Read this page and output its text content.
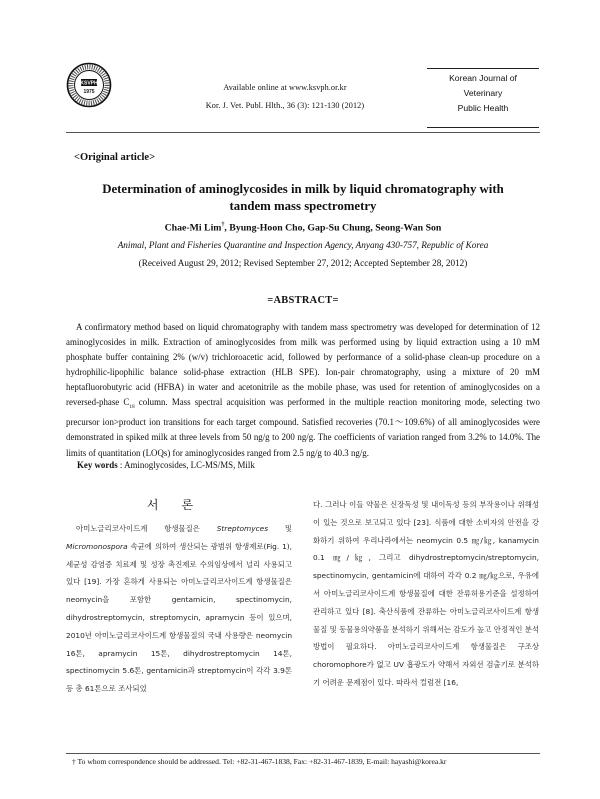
KSVPH
1975	Available online at www.ksvph.or.kr
Kor. J. Vet. Publ. Hlth., 36 (3): 121-130 (2012)
Korean Journal of
Veterinary
Public Health
<Original article>
Determination of aminoglycosides in milk by liquid chromatography with
tandem mass spectrometry
Chae-Mi Lim†, Byung-Hoon Cho, Gap-Su Chung, Seong-Wan Son
Animal, Plant and Fisheries Quarantine and Inspection Agency, Anyang 430-757, Republic of Korea
(Received August 29, 2012; Revised September 27, 2012; Accepted September 28, 2012)
=ABSTRACT=
A confirmatory method based on liquid chromatography with tandem mass spectrometry was developed for determination of 12 aminoglycosides in milk. Extraction of aminoglycosides from milk was performed using by liquid extraction using a 10 mM phosphate buffer containing 2% (w/v) trichloroacetic acid, followed by performance of a solid-phase clean-up procedure on a hydrophilic-lipophilic balance solid-phase extraction (HLB SPE). Ion-pair chromatography, using a mixture of 20 mM heptafluorobutyric acid (HFBA) in water and acetonitrile as the mobile phase, was used for retention of aminoglycosides on a reversed-phase $C_{18}$ column. Mass spectral acquisition was performed in the multiple reaction monitoring mode, selecting two precursor ion>product ion transitions for each target compound. Satisfied recoveries (70.1～109.6%) of all aminoglycosides were demonstrated in spiked milk at three levels from 50 ng/g to 200 ng/g. The coefficients of variation ranged from 3.2% to 14.0%. The limits of quantitation (LOQs) for aminoglycosides ranged from 2.5 ng/g to 40.3 ng/g.
Key words : Aminoglycosides, LC-MS/MS, Milk
서 론

아미노글리코사이드계 항생물질은 Streptomyces 및 Micromonospora 속균에 의하여 생산되는 광범위 항생제로(Fig. 1), 세균성 감염증 치료제 및 성장 촉진제로 수의임상에서 널리 사용되고 있다 [19]. 가장 흔하게 사용되는 아미노글리코사이드계 항생물질은 neomycin을 포함한 gentamicin, spectinomycin, dihydrostreptomycin, streptomycin, apramycin 등이 있으며, 2010년 아미노글리코사이드계 항생물질의 국내 사용량은 neomycin 16톤, apramycin 15톤, dihydrostreptomycin 14톤, spectinomycin 5.6톤, gentamicin과 streptomycin이 각각 3.9톤 등 총 61톤으로 조사되었

다. 그러나 이들 약물은 신장독성 및 내이독성 등의 부작용이나 위해성이 있는 것으로 보고되고 있다 [23]. 식품에 대한 소비자의 안전을 강화하기 위하여 우리나라에서는 neomycin 0.5 ㎎/㎏, kanamycin 0.1 ㎎/㎏, 그리고 dihydrostreptomycin/streptomycin, spectinomycin, gentamicin에 대하여 각각 0.2 ㎎/㎏으로, 우유에서 아미노글리코사이드계 항생물질에 대한 잔류허용기준을 설정하여 관리하고 있다 [8]. 축산식품에 잔류하는 아미노글리코사이드계 항생물질 및 동물용의약품을 분석하기 위해서는 감도가 높고 안정적인 분석방법이 필요하다. 아미노글리코사이드계 항생물질은 구조상 choromophore가 없고 UV 흡광도가 약해서 자외선 검출기로 분석하기 어려운 문제점이 있다. 따라서 컬럼전 [16,

† To whom correspondence should be addressed. Tel: +82-31-467-1838, Fax: +82-31-467-1839, E-mail: hayashi@korea.kr
